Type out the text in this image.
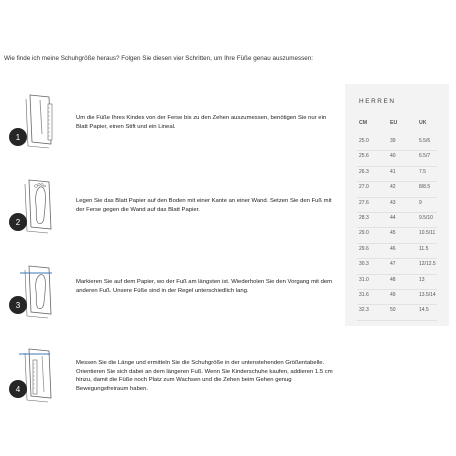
Wie finde ich meine Schuhgröße heraus? Folgen Sie diesen vier Schritten, um Ihre Füße genau auszumessen:
1
Um die Füße Ihres Kindes von der Ferse bis zu den Zehen auszumessen, benötigen Sie nur ein Blatt Papier, einen Stift und ein Lineal.
2
Legen Sie das Blatt Papier auf den Boden mit einer Kante an einer Wand. Setzen Sie den Fuß mit der Ferse gegen die Wand auf das Blatt Papier.
3
Markieren Sie auf dem Papier, wo der Fuß am längsten ist. Wiederholen Sie den Vorgang mit dem anderen Fuß. Unsere Füße sind in der Regel unterschiedlich lang.
4
Messen Sie die Länge und ermitteln Sie die Schuhgröße in der untenstehenden Größentabelle. Orientieren Sie sich dabei an dem längeren Fuß. Wenn Sie Kinderschuhe kaufen, addieren 1.5 cm hinzu, damit die Füße noch Platz zum Wachsen und die Zehen beim Gehen genug Bewegungsfreiraum haben.
HERREN
CM	EU	UK
25.0	39	5.5/6
25.6	40	6.5/7
26.3	41	7.5
27.0	42	8/8.5
27.6	43	9
28.3	44	9.5/10
29.0	45	10.5/11
29.6	46	11.5
30.3	47	12/12.5
31.0	48	13
31.6	49	13.5/14
32.3	50	14.5
